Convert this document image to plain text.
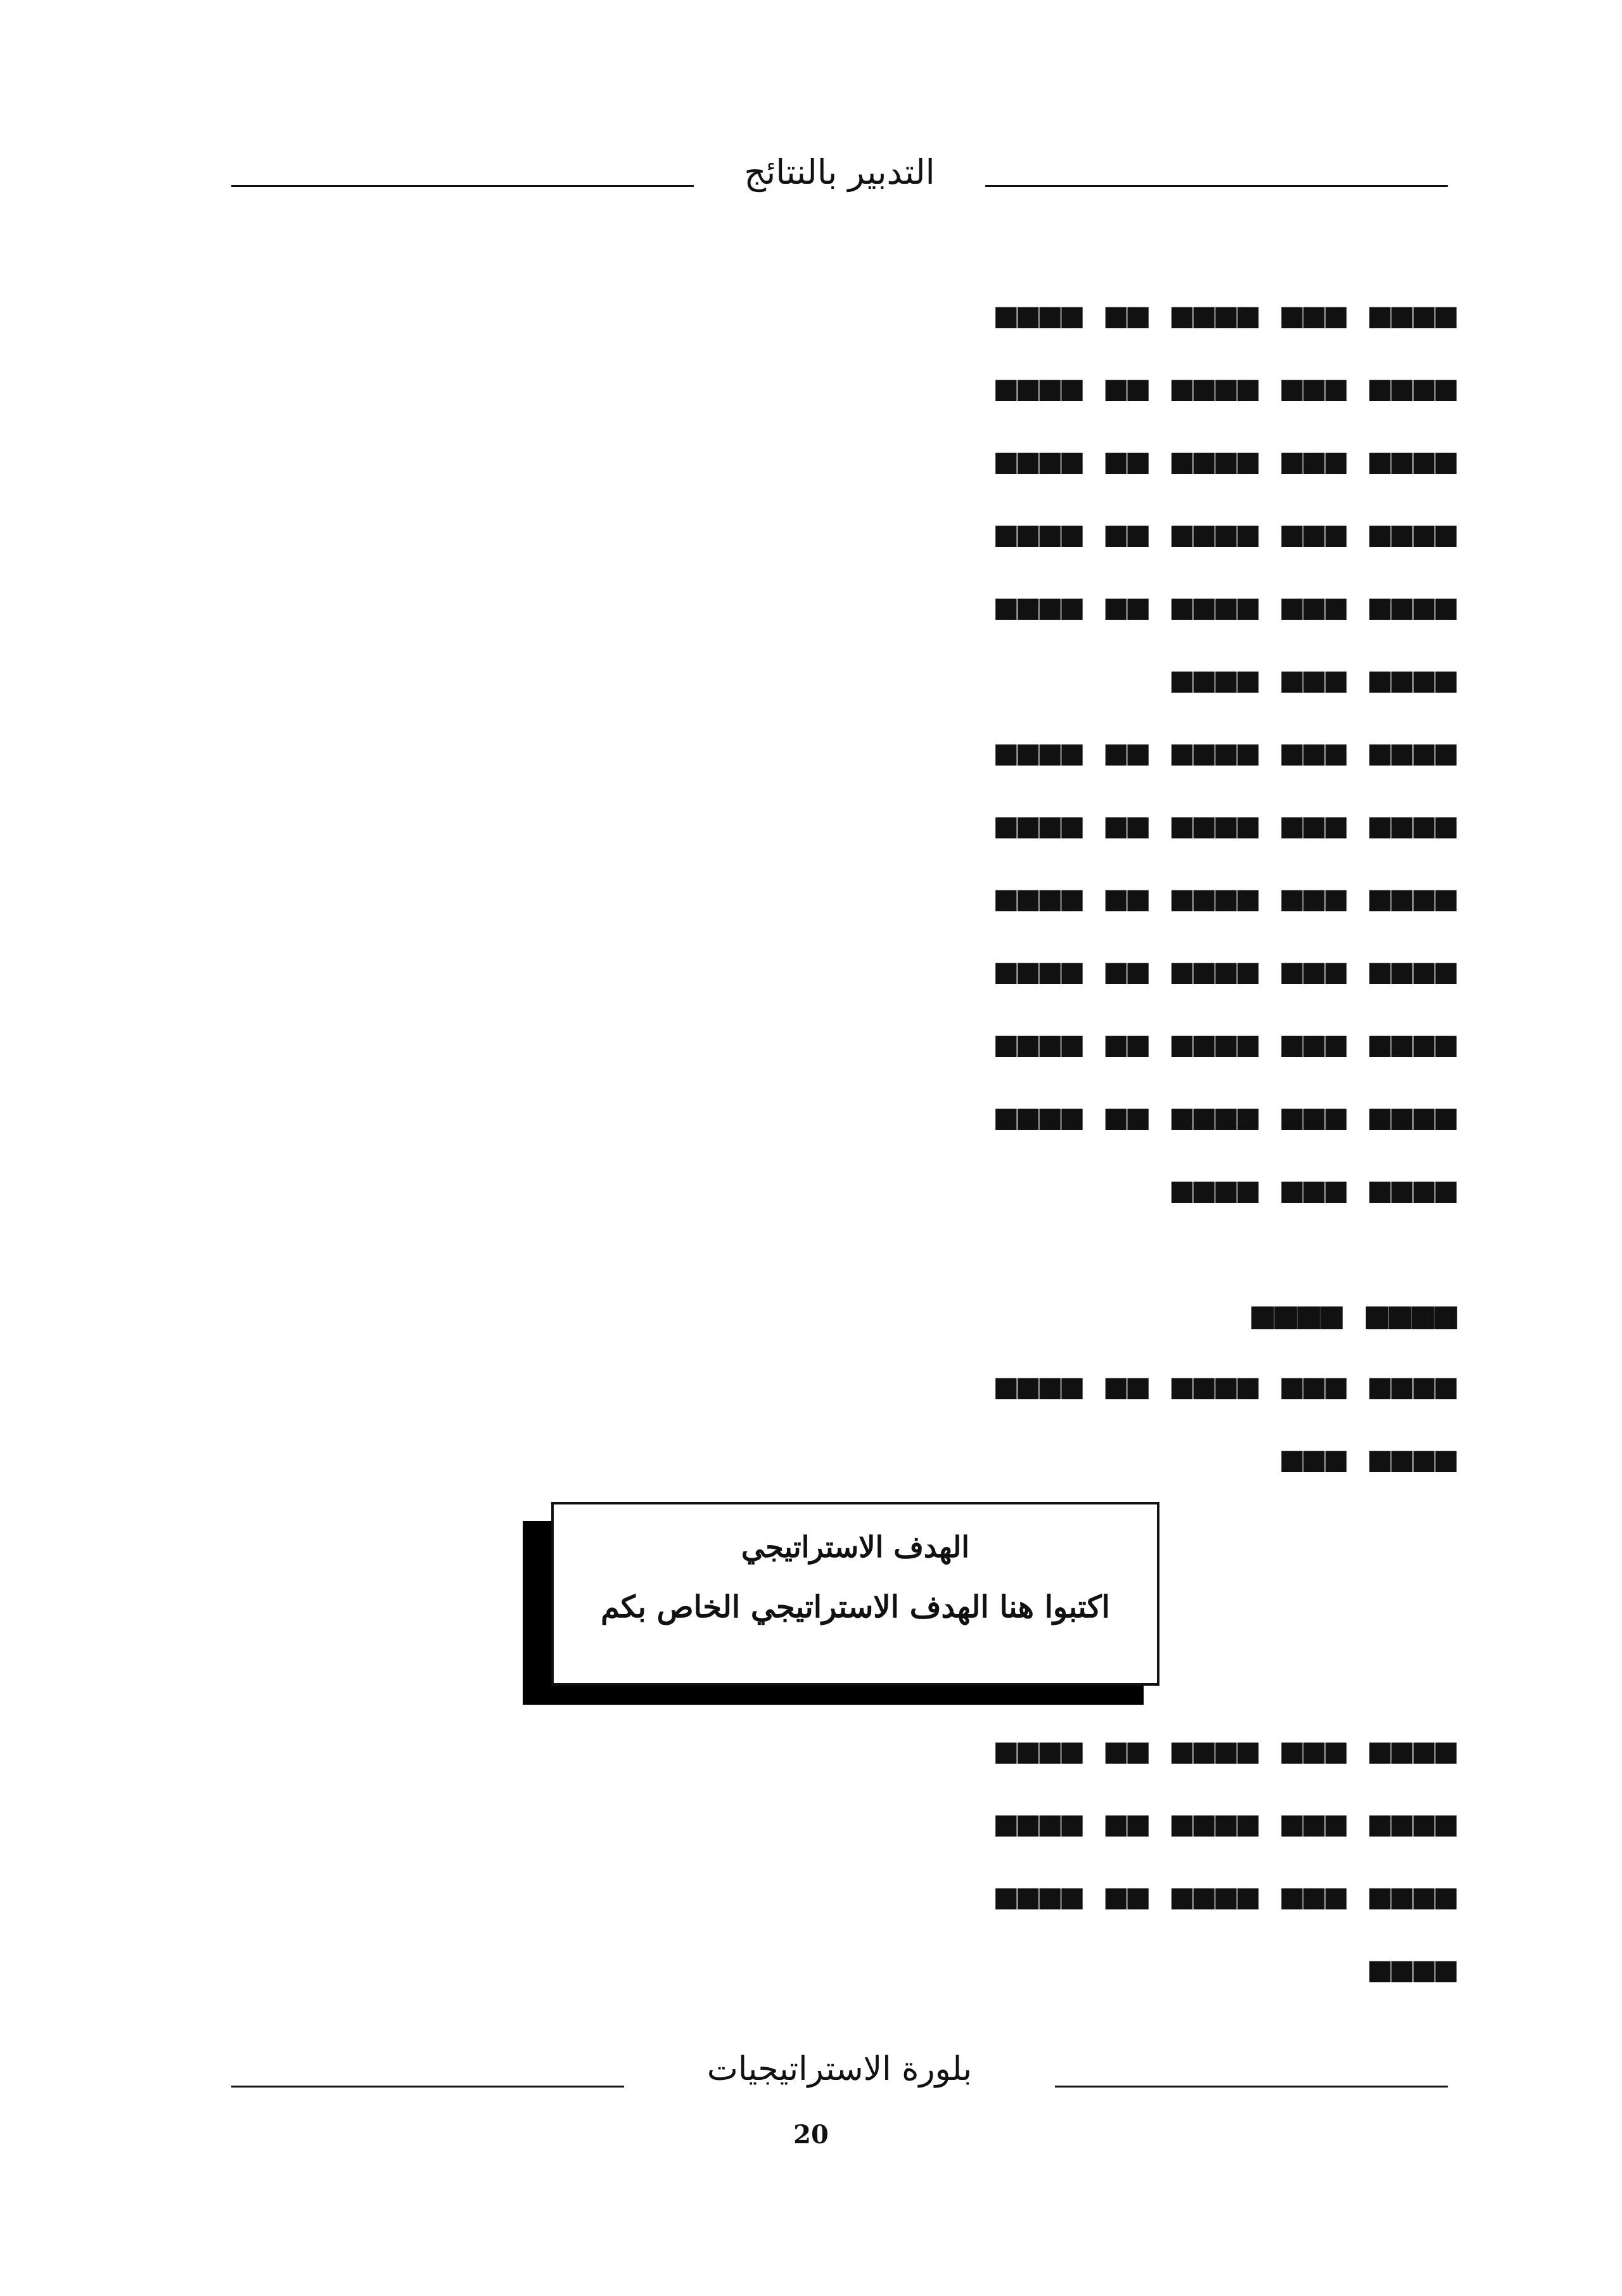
التدبير بالنتائج

■■■■ ■■■ ■■■■ ■■ ■■■■

■■■■ ■■■ ■■■■ ■■ ■■■■

■■■■ ■■■ ■■■■ ■■ ■■■■

■■■■ ■■■ ■■■■ ■■ ■■■■

■■■■ ■■■ ■■■■ ■■ ■■■■

■■■■ ■■■ ■■■■

■■■■ ■■■ ■■■■ ■■ ■■■■

■■■■ ■■■ ■■■■ ■■ ■■■■

■■■■ ■■■ ■■■■ ■■ ■■■■

■■■■ ■■■ ■■■■ ■■ ■■■■

■■■■ ■■■ ■■■■ ■■ ■■■■

■■■■ ■■■ ■■■■ ■■ ■■■■

■■■■ ■■■ ■■■■

■■■■ ■■■■

■■■■ ■■■ ■■■■ ■■ ■■■■

■■■■ ■■■

الهدف الاستراتيجي
اكتبوا هنا الهدف الاستراتيجي الخاص بكم

■■■■ ■■■ ■■■■ ■■ ■■■■

■■■■ ■■■ ■■■■ ■■ ■■■■

■■■■ ■■■ ■■■■ ■■ ■■■■

■■■■

بلورة الاستراتيجيات
20
